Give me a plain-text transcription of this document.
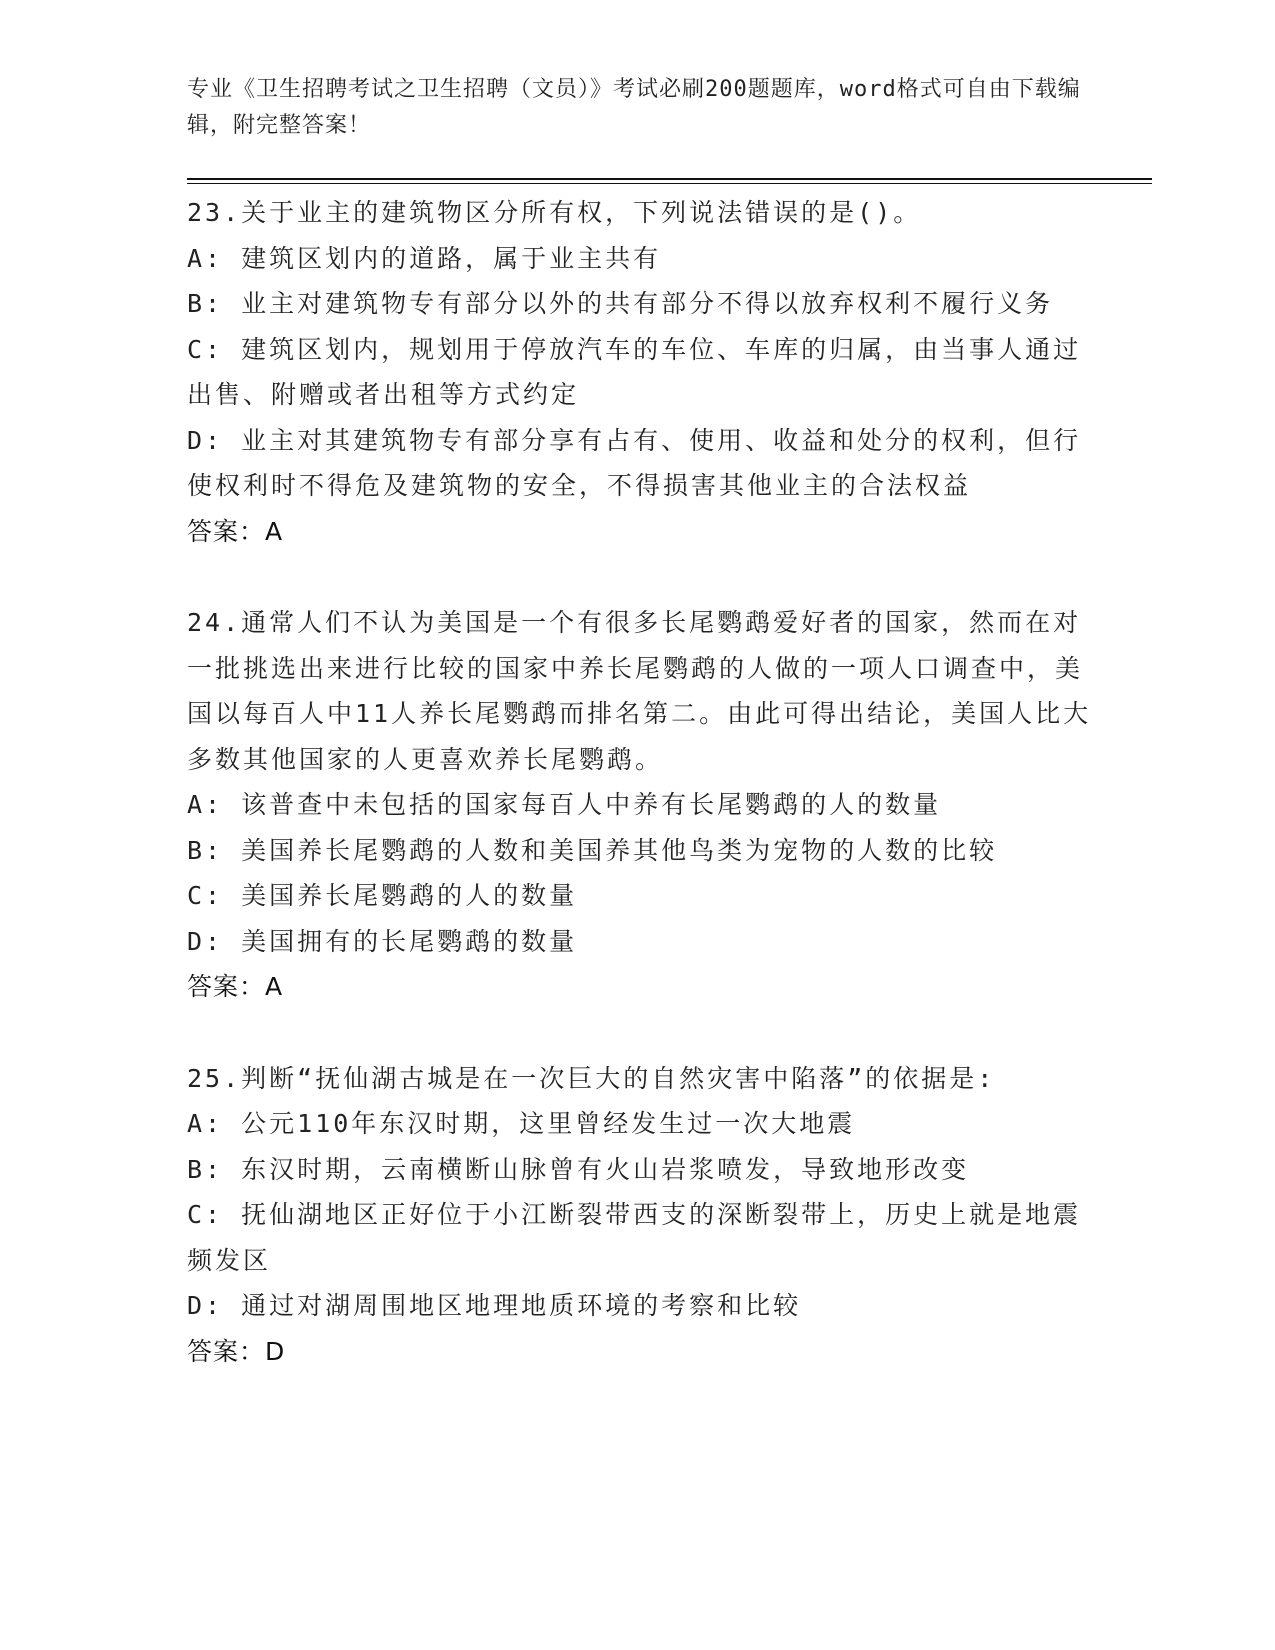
专业《卫生招聘考试之卫生招聘（文员）》考试必刷200题题库，word格式可自由下载编辑，附完整答案！
23.关于业主的建筑物区分所有权，下列说法错误的是()。
A: 建筑区划内的道路，属于业主共有
B: 业主对建筑物专有部分以外的共有部分不得以放弃权利不履行义务
C: 建筑区划内，规划用于停放汽车的车位、车库的归属，由当事人通过出售、附赠或者出租等方式约定
D: 业主对其建筑物专有部分享有占有、使用、收益和处分的权利，但行使权利时不得危及建筑物的安全，不得损害其他业主的合法权益
答案：A
24.通常人们不认为美国是一个有很多长尾鹦鹉爱好者的国家，然而在对一批挑选出来进行比较的国家中养长尾鹦鹉的人做的一项人口调查中，美国以每百人中11人养长尾鹦鹉而排名第二。由此可得出结论，美国人比大多数其他国家的人更喜欢养长尾鹦鹉。
A: 该普查中未包括的国家每百人中养有长尾鹦鹉的人的数量
B: 美国养长尾鹦鹉的人数和美国养其他鸟类为宠物的人数的比较
C: 美国养长尾鹦鹉的人的数量
D: 美国拥有的长尾鹦鹉的数量
答案：A
25.判断“抚仙湖古城是在一次巨大的自然灾害中陷落”的依据是:
A: 公元110年东汉时期，这里曾经发生过一次大地震
B: 东汉时期，云南横断山脉曾有火山岩浆喷发，导致地形改变
C: 抚仙湖地区正好位于小江断裂带西支的深断裂带上，历史上就是地震频发区
D: 通过对湖周围地区地理地质环境的考察和比较
答案：D
